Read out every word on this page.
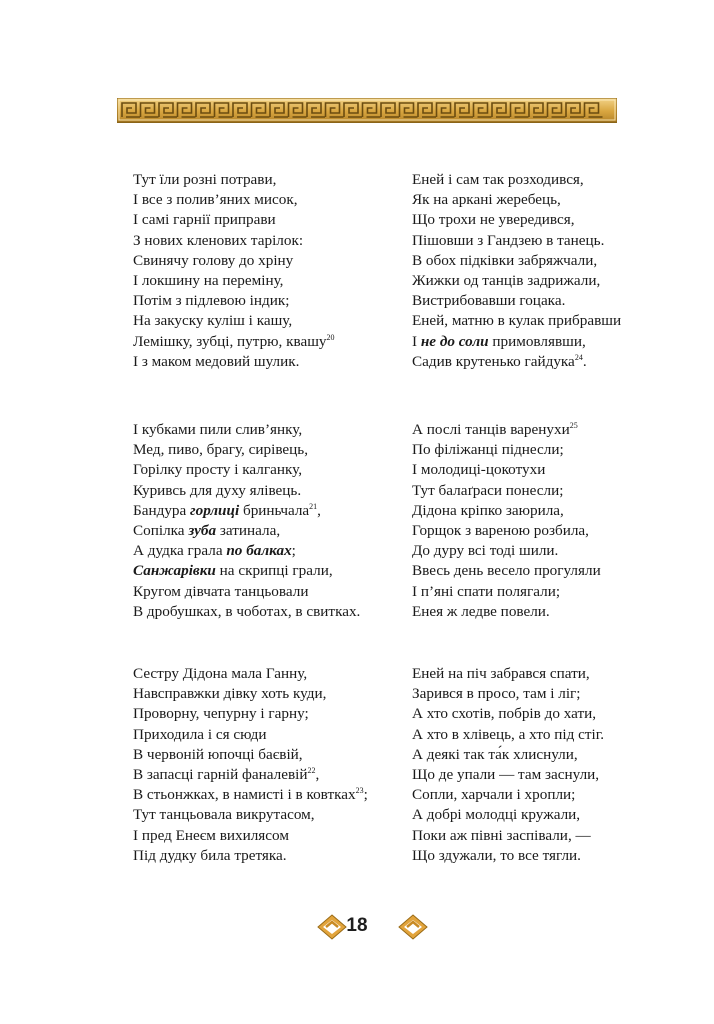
Тут їли розні потрави,
І все з полив’яних мисок,
І самі гарнії приправи
З нових кленових тарілок:
Свинячу голову до хріну
І локшину на переміну,
Потім з підлевою індик;
На закуску куліш і кашу,
Лемішку, зубці, путрю, квашу$^{20}$
І з маком медовий шулик.
Еней і сам так розходився,
Як на аркані жеребець,
Що трохи не увередився,
Пішовши з Гандзею в танець.
В обох підківки забряжчали,
Жижки од танців задрижали,
Вистрибовавши гоцака.
Еней, матню в кулак прибравши
І не до соли примовлявши,
Садив крутенько гайдука$^{24}$.
І кубками пили слив’янку,
Мед, пиво, брагу, сирівець,
Горілку просту і калганку,
Куривсь для духу ялівець.
Бандура горлиці бриньчала$^{21}$,
Сопілка зуба затинала,
А дудка грала по балках;
Санжарівки на скрипці грали,
Кругом дівчата танцьовали
В дробушках, в чоботах, в свитках.
А послі танців варенухи$^{25}$
По філіжанці піднесли;
І молодиці-цокотухи
Тут балаґраси понесли;
Дідона кріпко заюрила,
Горщок з вареною розбила,
До дуру всі тоді шили.
Ввесь день весело прогуляли
І п’яні спати полягали;
Енея ж ледве повели.
Сестру Дідона мала Ганну,
Навсправжки дівку хоть куди,
Проворну, чепурну і гарну;
Приходила і ся сюди
В червоній юпочці баєвій,
В запасці гарній фаналевій$^{22}$,
В стьонжках, в намисті і в ковтках$^{23}$;
Тут танцьовала викрутасом,
І пред Енеєм вихилясом
Під дудку била третяка.
Еней на піч забрався спати,
Зарився в просо, там і ліг;
А хто схотів, побрів до хати,
А хто в хлівець, а хто під стіг.
А деякі так та́к хлиснули,
Що де упали — там заснули,
Сопли, харчали і хропли;
А добрі молодці кружали,
Поки аж півні заспівали, —
Що здужали, то все тягли.
18
